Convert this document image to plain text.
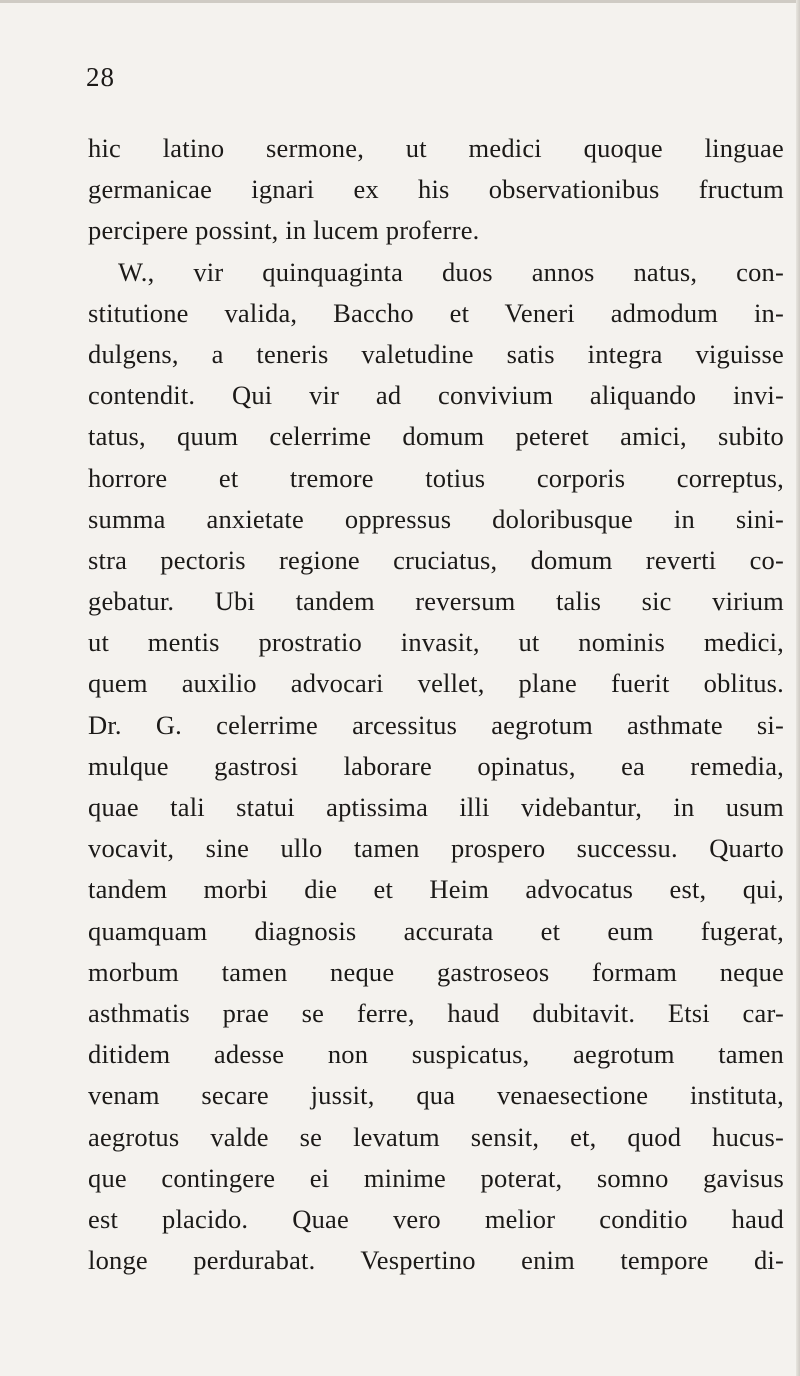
28
hic latino sermone, ut medici quoque linguae
germanicae ignari ex his observationibus fructum
percipere possint, in lucem proferre.
W., vir quinquaginta duos annos natus, con-
stitutione valida, Baccho et Veneri admodum in-
dulgens, a teneris valetudine satis integra viguisse
contendit. Qui vir ad convivium aliquando invi-
tatus, quum celerrime domum peteret amici, subito
horrore et tremore totius corporis correptus,
summa anxietate oppressus doloribusque in sini-
stra pectoris regione cruciatus, domum reverti co-
gebatur. Ubi tandem reversum talis sic virium
ut mentis prostratio invasit, ut nominis medici,
quem auxilio advocari vellet, plane fuerit oblitus.
Dr. G. celerrime arcessitus aegrotum asthmate si-
mulque gastrosi laborare opinatus, ea remedia,
quae tali statui aptissima illi videbantur, in usum
vocavit, sine ullo tamen prospero successu. Quarto
tandem morbi die et Heim advocatus est, qui,
quamquam diagnosis accurata et eum fugerat,
morbum tamen neque gastroseos formam neque
asthmatis prae se ferre, haud dubitavit. Etsi car-
ditidem adesse non suspicatus, aegrotum tamen
venam secare jussit, qua venaesectione instituta,
aegrotus valde se levatum sensit, et, quod hucus-
que contingere ei minime poterat, somno gavisus
est placido. Quae vero melior conditio haud
longe perdurabat. Vespertino enim tempore di-
